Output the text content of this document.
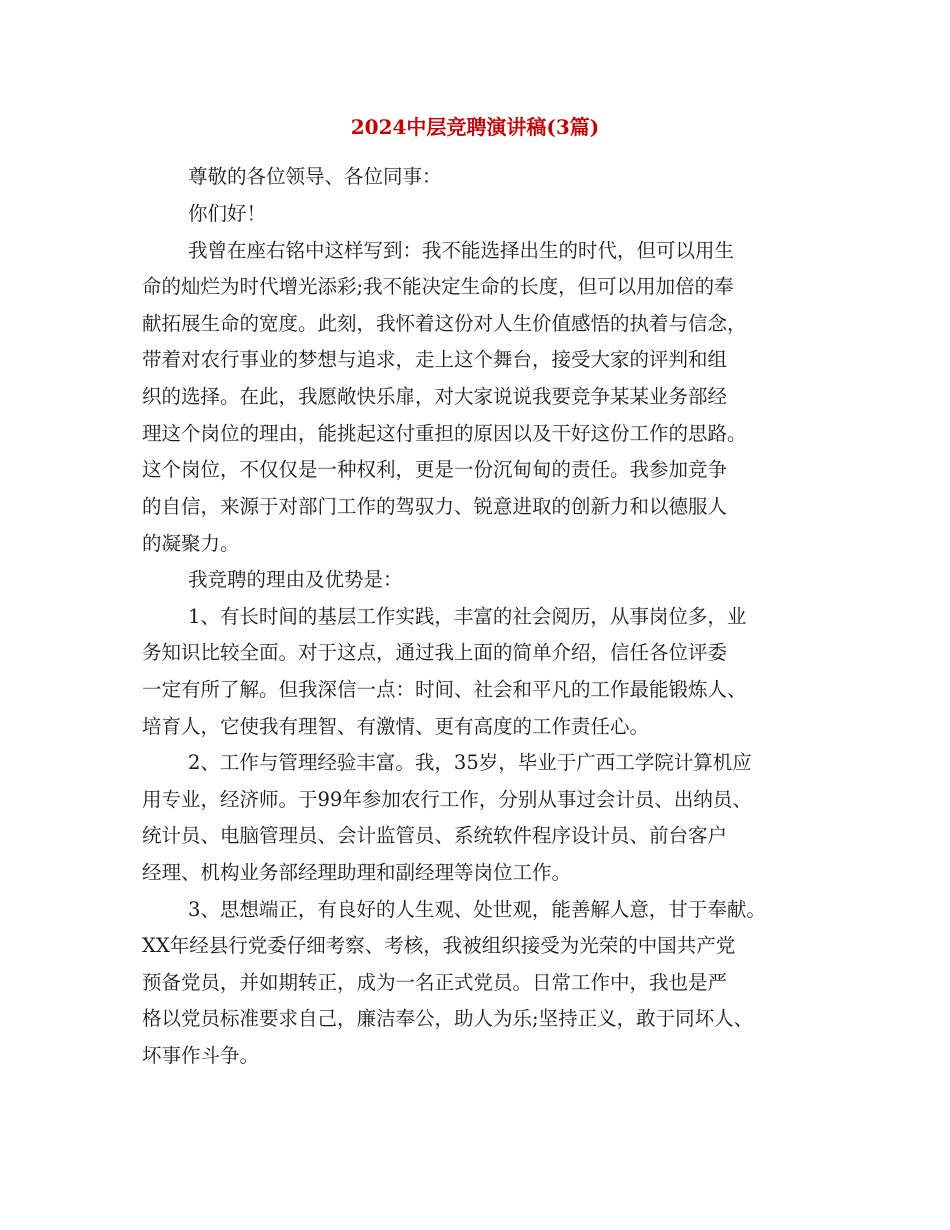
2024中层竞聘演讲稿(3篇)
尊敬的各位领导、各位同事：
你们好！
我曾在座右铭中这样写到：我不能选择出生的时代，但可以用生
命的灿烂为时代增光添彩;我不能决定生命的长度，但可以用加倍的奉
献拓展生命的宽度。此刻，我怀着这份对人生价值感悟的执着与信念，
带着对农行事业的梦想与追求，走上这个舞台，接受大家的评判和组
织的选择。在此，我愿敞快乐扉，对大家说说我要竞争某某业务部经
理这个岗位的理由，能挑起这付重担的原因以及干好这份工作的思路。
这个岗位，不仅仅是一种权利，更是一份沉甸甸的责任。我参加竞争
的自信，来源于对部门工作的驾驭力、锐意进取的创新力和以德服人
的凝聚力。
我竞聘的理由及优势是：
1、有长时间的基层工作实践，丰富的社会阅历，从事岗位多，业
务知识比较全面。对于这点，通过我上面的简单介绍，信任各位评委
一定有所了解。但我深信一点：时间、社会和平凡的工作最能锻炼人、
培育人，它使我有理智、有激情、更有高度的工作责任心。
2、工作与管理经验丰富。我，35岁，毕业于广西工学院计算机应
用专业，经济师。于99年参加农行工作，分别从事过会计员、出纳员、
统计员、电脑管理员、会计监管员、系统软件程序设计员、前台客户
经理、机构业务部经理助理和副经理等岗位工作。
3、思想端正，有良好的人生观、处世观，能善解人意，甘于奉献。
XX年经县行党委仔细考察、考核，我被组织接受为光荣的中国共产党
预备党员，并如期转正，成为一名正式党员。日常工作中，我也是严
格以党员标准要求自己，廉洁奉公，助人为乐;坚持正义，敢于同坏人、
坏事作斗争。
